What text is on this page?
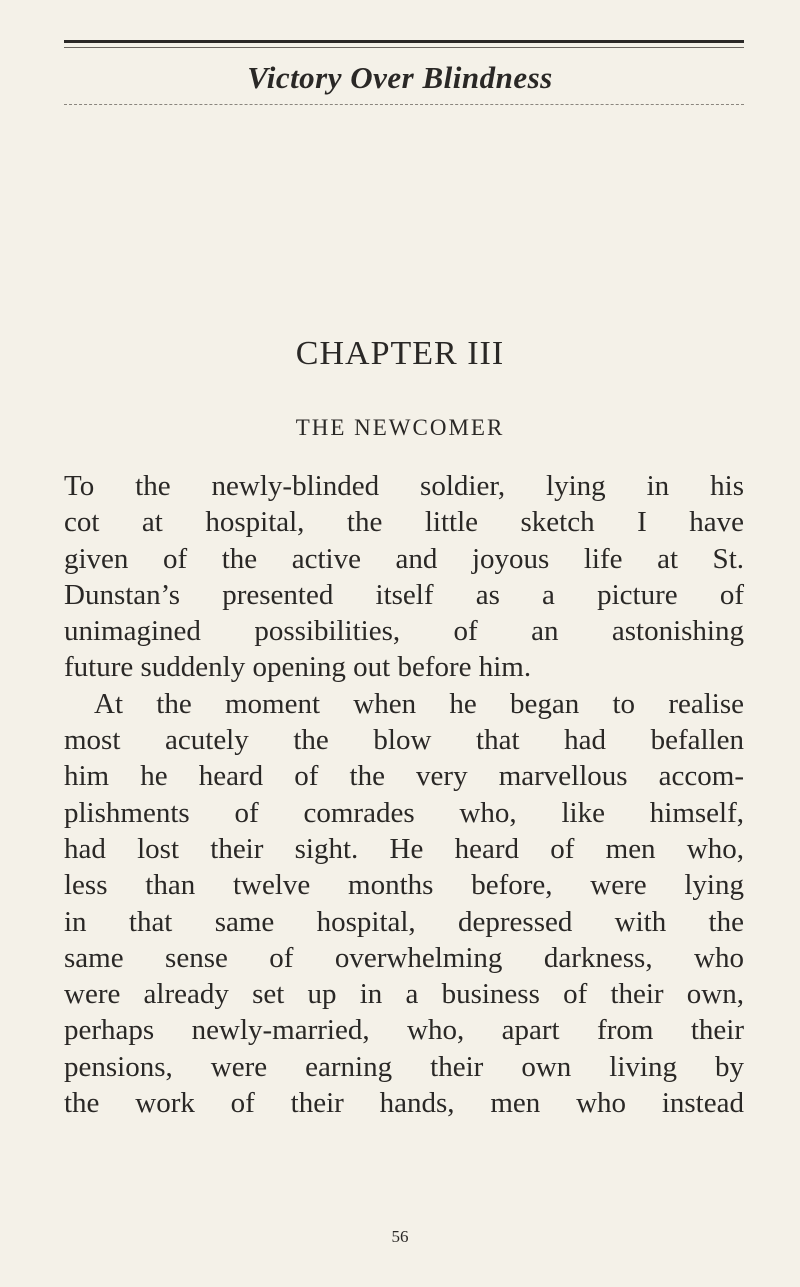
Victory Over Blindness
CHAPTER III
THE NEWCOMER
To the newly-blinded soldier, lying in his
cot at hospital, the little sketch I have
given of the active and joyous life at St.
Dunstan’s presented itself as a picture of
unimagined possibilities, of an astonishing
future suddenly opening out before him.
At the moment when he began to realise
most acutely the blow that had befallen
him he heard of the very marvellous accom-
plishments of comrades who, like himself,
had lost their sight. He heard of men who,
less than twelve months before, were lying
in that same hospital, depressed with the
same sense of overwhelming darkness, who
were already set up in a business of their own,
perhaps newly-married, who, apart from their
pensions, were earning their own living by
the work of their hands, men who instead
56
